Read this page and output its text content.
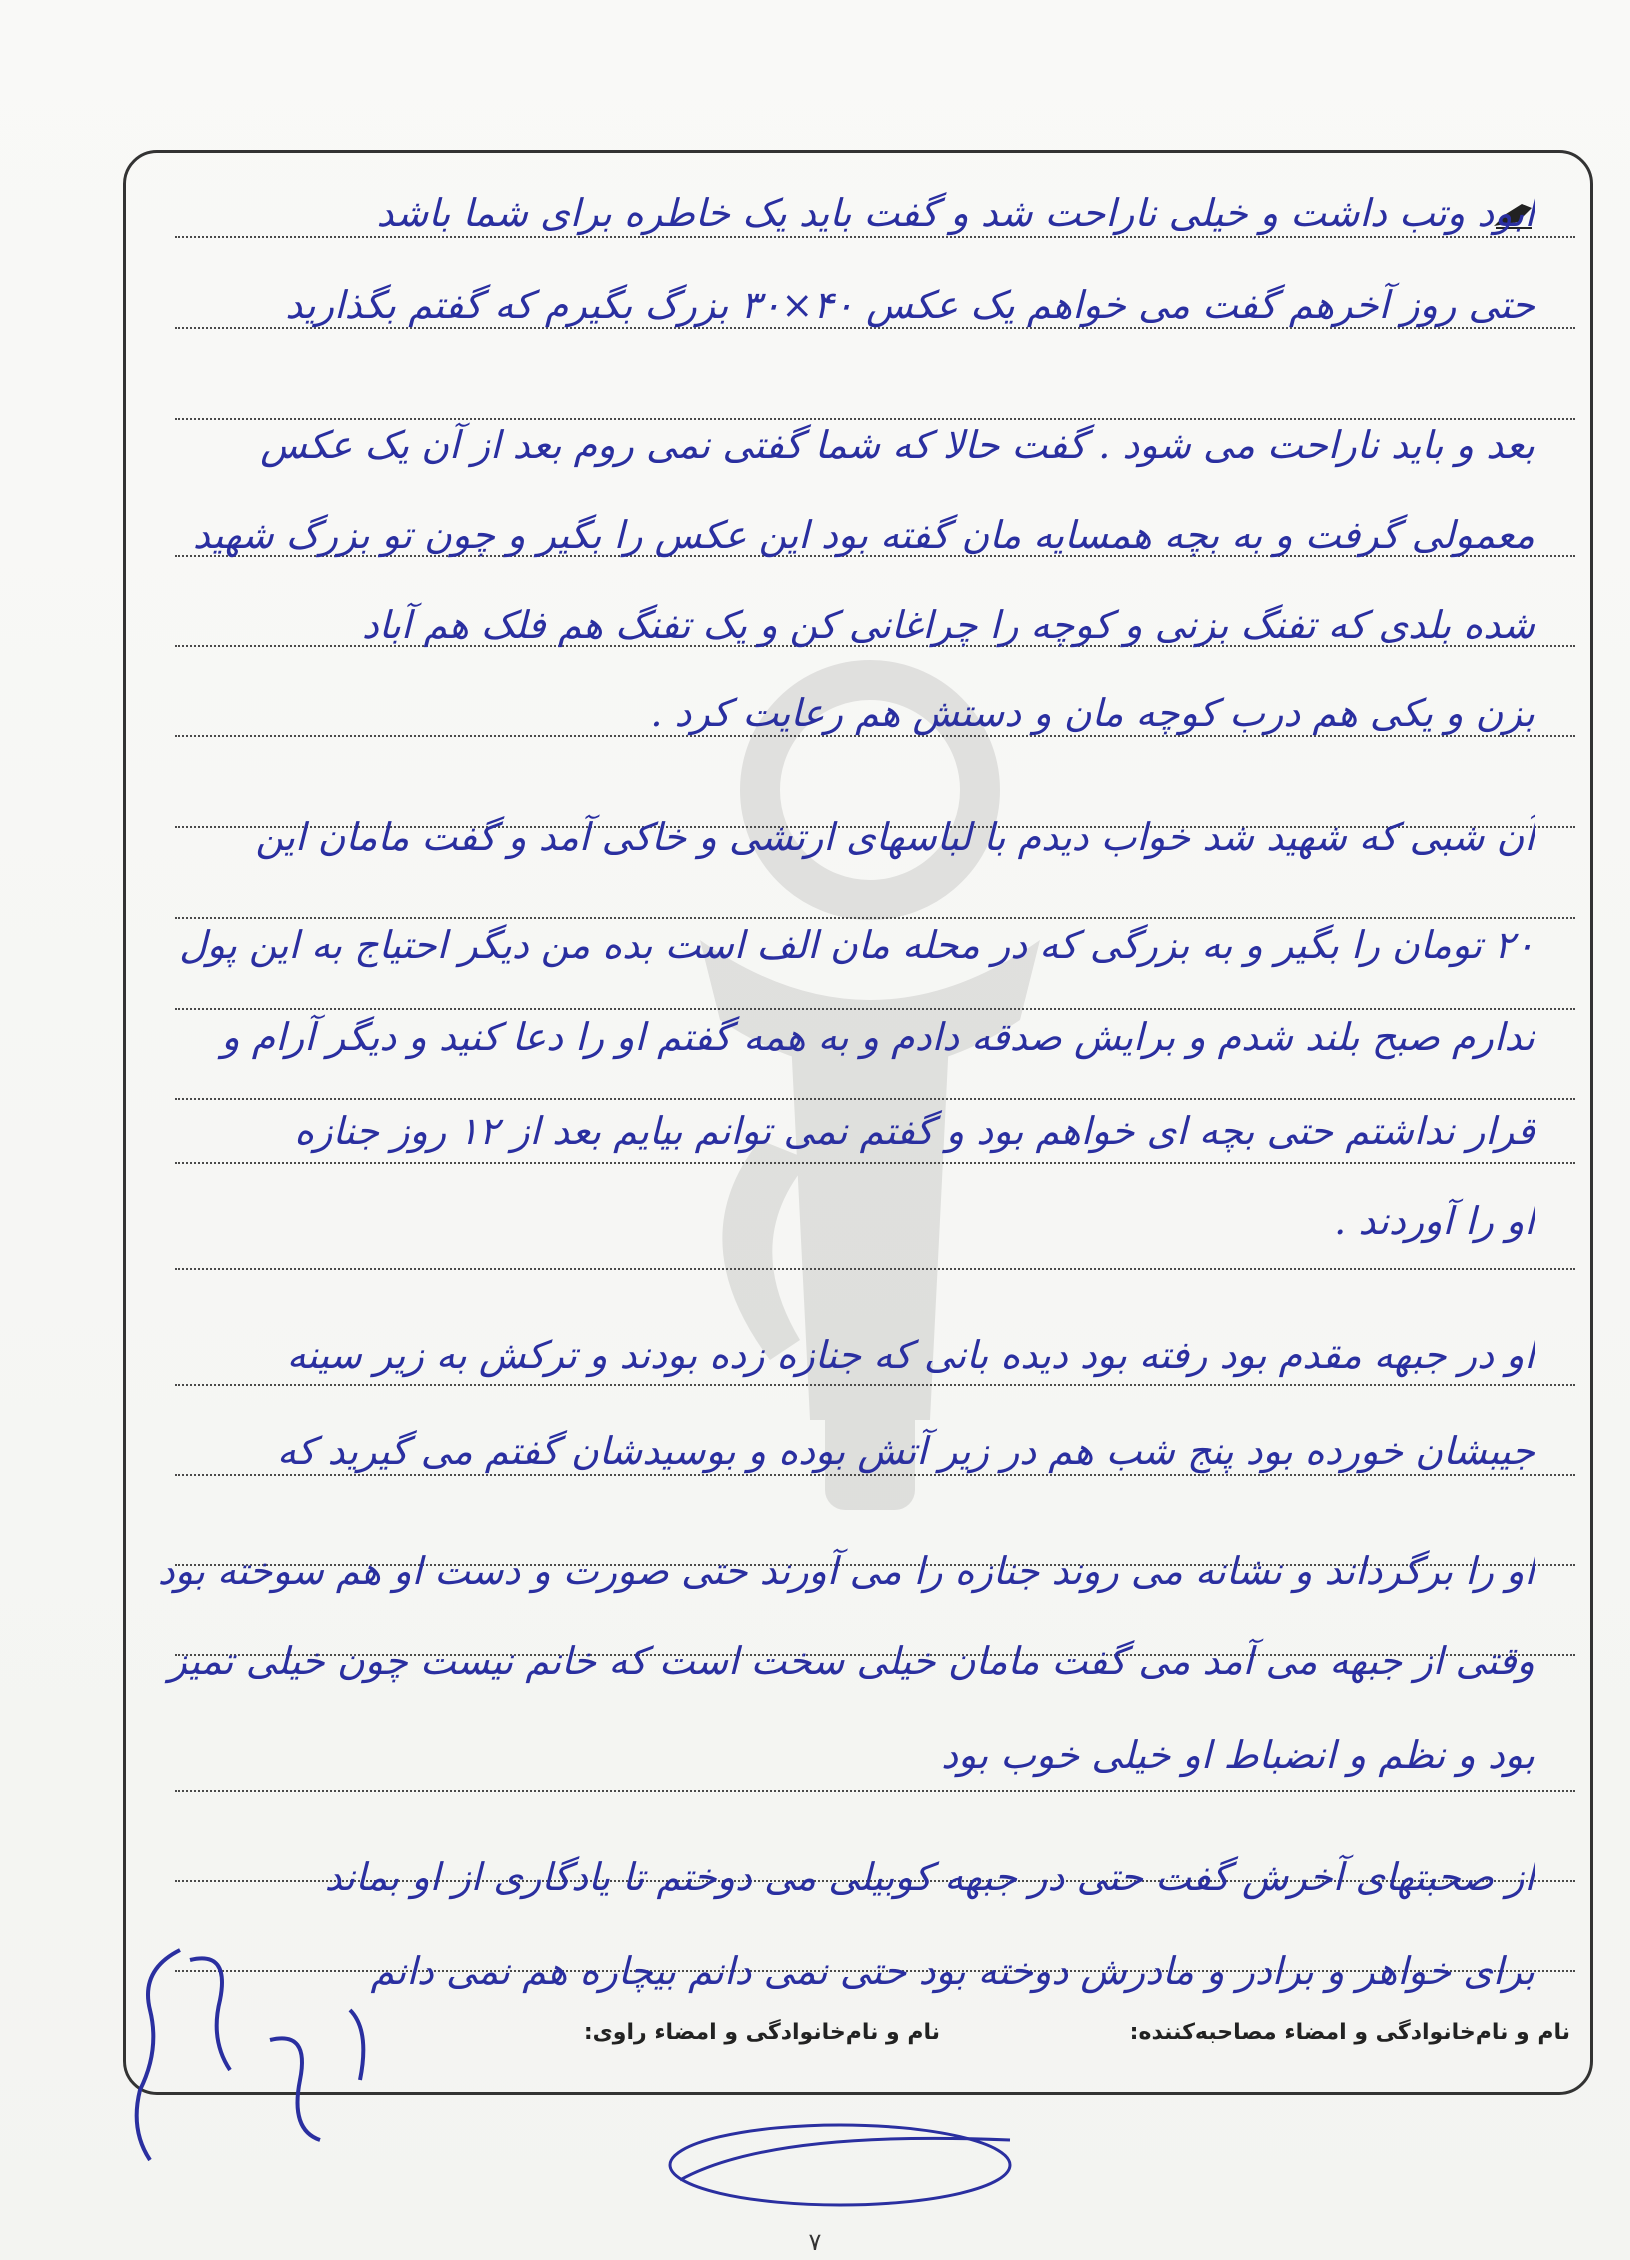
ابود وتب داشت و خیلی ناراحت شد و گفت باید یک خاطره برای شما باشد
حتی روز آخرهم گفت می خواهم یک عکس ۴۰×۳۰ بزرگ بگیرم که گفتم بگذارید
بعد و باید ناراحت می شود . گفت حالا که شما گفتی نمی روم بعد از آن یک عکس
معمولی گرفت و به بچه همسایه مان گفته بود این عکس را بگیر و چون تو بزرگ شهید
شده بلدی که تفنگ بزنی و کوچه را چراغانی کن و یک تفنگ هم فلک هم آباد
بزن و یکی هم درب کوچه مان و دستش هم رعایت کرد .
آن شبی که شهید شد خواب دیدم با لباسهای ارتشی و خاکی آمد و گفت مامان این
۲۰ تومان را بگیر و به بزرگی که در محله مان الف است بده من دیگر احتیاج به این پول
ندارم صبح بلند شدم و برایش صدقه دادم و به همه گفتم او را دعا کنید و دیگر آرام و
قرار نداشتم حتی بچه ای خواهم بود و گفتم نمی توانم بیایم بعد از ۱۲ روز جنازه
او را آوردند .
او در جبهه مقدم بود رفته بود دیده بانی که جنازه زده بودند و ترکش به زیر سینه
جیبشان خورده بود پنج شب هم در زیر آتش بوده و بوسیدشان گفتم می گیرید که
او را برگرداند و نشانه می روند جنازه را می آورند حتی صورت و دست او هم سوخته بود
وقتی از جبهه می آمد می گفت مامان خیلی سخت است که خانم نیست چون خیلی تمیز
بود و نظم و انضباط او خیلی خوب بود
از صحبتهای آخرش گفت حتی در جبهه کوبیلی می دوختم تا یادگاری از او بماند
برای خواهر و برادر و مادرش دوخته بود حتی نمی دانم بیچاره هم نمی دانم
نام و نام‌خانوادگی و امضاء مصاحبه‌کننده:
نام و نام‌خانوادگی و امضاء راوی:
۷
